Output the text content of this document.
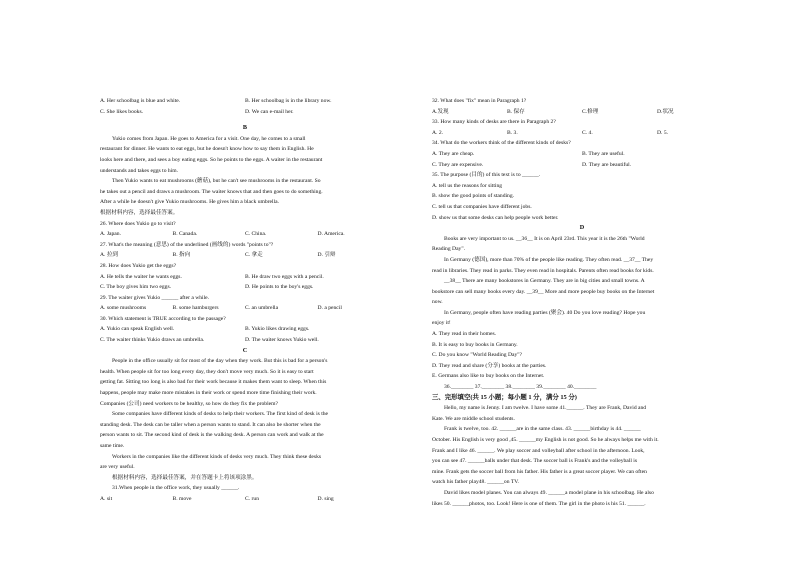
A. Her schoolbag is blue and white.	B. Her schoolbag is in the library now.
C. She likes books.	D. We can e-mail her.
B
Yukio comes from Japan. He goes to America for a visit. One day, he comes to a small
restaurant for dinner. He wants to eat eggs, but he doesn't know how to say them in English. He
looks here and there, and sees a boy eating eggs. So he points to the eggs. A waiter in the restaurant
understands and takes eggs to him.
Then Yukio wants to eat mushrooms (蘑菇), but he can't see mushrooms in the restaurant. So
he takes out a pencil and draws a mushroom. The waiter knows that and then goes to do something.
After a while he doesn't give Yukio mushrooms. He gives him a black umbrella.
根据材料内容，选择最佳答案。
26. Where does Yukio go to visit?
A. Japan.	B. Canada.	C. China.	D. America.
27. What's the meaning (意思) of the underlined (画线的) words "points to"?
A. 拉到	B. 指向	C. 拿走	D. 引辩
28. How does Yukio get the eggs?
A. He tells the waiter he wants eggs.	B. He draw two eggs with a pencil.
C. The boy gives him two eggs.	D. He points to the boy's eggs.
29. The waiter gives Yukio ______ after a while.
A. some mushrooms	B. some hamburgers	C. an umbrella	D. a pencil
30. Which statement is TRUE according to the passage?
A. Yukio can speak English well.	B. Yukio likes drawing eggs.
C. The waiter thinks Yukio draws an umbrella.	D. The waiter knows Yukio well.
C
People in the office usually sit for most of the day when they work. But this is bad for a person's
health. When people sit for too long every day, they don't move very much. So it is easy to start
getting fat. Sitting too long is also bad for their work because it makes them want to sleep. When this
happens, people may make more mistakes in their work or spend more time finishing their work.
Companies (公司) need workers to be healthy, so how do they fix the problem?
Some companies have different kinds of desks to help their workers. The first kind of desk is the
standing desk. The desk can be taller when a person wants to stand. It can also be shorter when the
person wants to sit. The second kind of desk is the walking desk. A person can work and walk at the
same time.
Workers in the companies like the different kinds of desks very much. They think these desks
are very useful.
根据材料内容，选择最佳答案，并在答题卡上将该项涂黑。
31.When people in the office work, they usually ______.
A. sit	B. move	C. run	D. sing
32. What does "fix" mean in Paragraph 1?
A.发现	B. 保存	C.修理	D.状况
33. How many kinds of desks are there in Paragraph 2?
A. 2.	B. 3.	C. 4.	D. 5.
34. What do the workers think of the different kinds of desks?
A. They are cheap.	B. They are useful.
C. They are expensive.	D. They are beautiful.
35. The purpose (目的) of this text is to ______.
A. tell us the reasons for sitting
B. show the good points of standing.
C. tell us that companies have different jobs.
D. show us that some desks can help people work better.
D
Books are very important to us. __36__ It is on April 23rd. This year it is the 26th "World
Reading Day".
In Germany (德国), more than 70% of the people like reading. They often read. __37__ They
read in libraries. They read in parks. They even read in hospitals. Parents often read books for kids.
__38__ There are many bookstores in Germany. They are in big cities and small towns. A
bookstore can sell many books every day. __39__ More and more people buy books on the Internet
now.
In Germany, people often have reading parties (聚会). 40 Do you love reading? Hope you
enjoy it!
A. They read in their homes.
B. It is easy to buy books in Germany.
C. Do you know "World Reading Day"?
D. They read and share (分享) books at the parties.
E. Germans also like to buy books on the Internet.
36.________ 37.________ 38.________ 39.________ 40.________
三、完形填空(共 15 小题；每小题 1 分，满分 15 分)
Hello, my name is Jenny. I am twelve. I have some 41.______. They are Frank, David and
Kate. We are middle school students.
Frank is twelve, too. 42. ______are in the same class. 43. ______birthday is 44. ______
October. His English is very good ,45. ______my English is not good. So he always helps me with it.
Frank and I like 46. ______. We play soccer and volleyball after school in the afternoon. Look,
you can see 47. ______balls under that desk. The soccer ball is Frank's and the volleyball is
mine. Frank gets the soccer ball from his father. His father is a great soccer player. We can often
watch his father play48. ______on TV.
David likes model planes. You can always 49. ______a model plane in his schoolbag. He also
likes 50. ______photos, too. Look! Here is one of them. The girl in the photo is his 51. ______.
